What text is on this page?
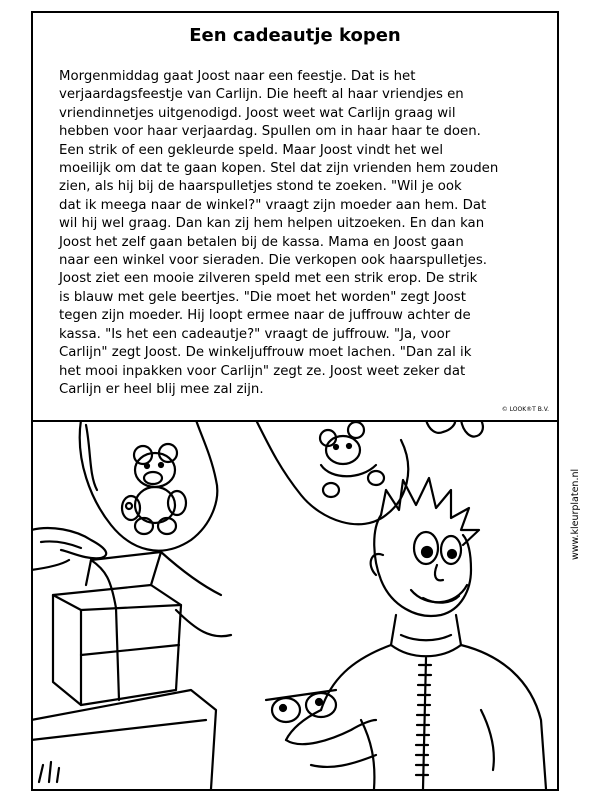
Een cadeautje kopen

Morgenmiddag gaat Joost naar een feestje. Dat is het
verjaardagsfeestje van Carlijn. Die heeft al haar vriendjes en
vriendinnetjes uitgenodigd. Joost weet wat Carlijn graag wil
hebben voor haar verjaardag. Spullen om in haar haar te doen.
Een strik of een gekleurde speld. Maar Joost vindt het wel
moeilijk om dat te gaan kopen. Stel dat zijn vrienden hem zouden
zien, als hij bij de haarspulletjes stond te zoeken. "Wil je ook
dat ik meega naar de winkel?" vraagt zijn moeder aan hem. Dat
wil hij wel graag. Dan kan zij hem helpen uitzoeken. En dan kan
Joost het zelf gaan betalen bij de kassa. Mama en Joost gaan
naar een winkel voor sieraden. Die verkopen ook haarspulletjes.
Joost ziet een mooie zilveren speld met een strik erop. De strik
is blauw met gele beertjes. "Die moet het worden" zegt Joost
tegen zijn moeder. Hij loopt ermee naar de juffrouw achter de
kassa. "Is het een cadeautje?" vraagt de juffrouw. "Ja, voor
Carlijn" zegt Joost. De winkeljuffrouw moet lachen. "Dan zal ik
het mooi inpakken voor Carlijn" zegt ze. Joost weet zeker dat
Carlijn er heel blij mee zal zijn.

© LOOK®T B.V.
www.kleurplaten.nl
